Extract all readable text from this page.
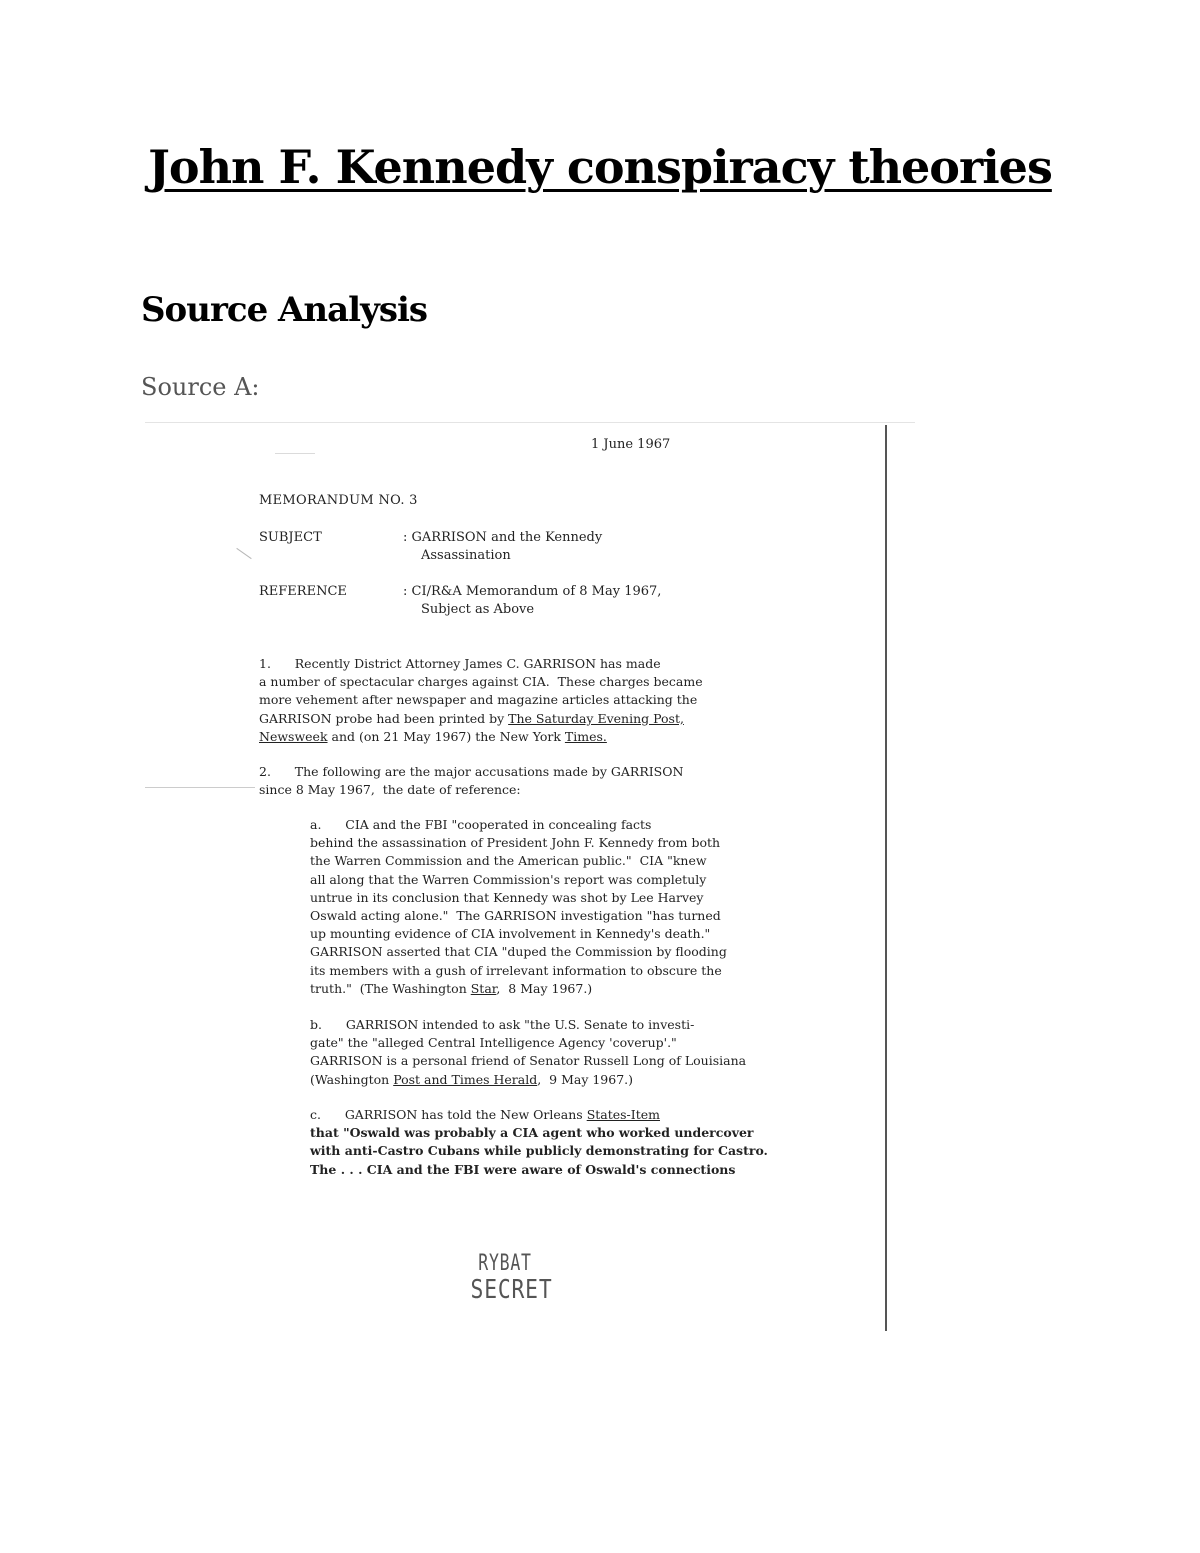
John F. Kennedy conspiracy theories
Source Analysis

Source A:

1 June 1967
MEMORANDUM NO. 3
SUBJECT	: GARRISON and the Kennedy
Assassination
REFERENCE	: CI/R&A Memorandum of 8 May 1967,
Subject as Above
1.      Recently District Attorney James C. GARRISON has made
a number of spectacular charges against CIA.  These charges became
more vehement after newspaper and magazine articles attacking the
GARRISON probe had been printed by The Saturday Evening Post,
Newsweek and (on 21 May 1967) the New York Times.
2.      The following are the major accusations made by GARRISON
since 8 May 1967,  the date of reference:
a.      CIA and the FBI "cooperated in concealing facts
behind the assassination of President John F. Kennedy from both
the Warren Commission and the American public."  CIA "knew
all along that the Warren Commission's report was completuly
untrue in its conclusion that Kennedy was shot by Lee Harvey
Oswald acting alone."  The GARRISON investigation "has turned
up mounting evidence of CIA involvement in Kennedy's death."
GARRISON asserted that CIA "duped the Commission by flooding
its members with a gush of irrelevant information to obscure the
truth."  (The Washington Star,  8 May 1967.)
b.      GARRISON intended to ask "the U.S. Senate to investi-
gate" the "alleged Central Intelligence Agency 'coverup'."
GARRISON is a personal friend of Senator Russell Long of Louisiana
(Washington Post and Times Herald,  9 May 1967.)
c.      GARRISON has told the New Orleans States-Item
that "Oswald was probably a CIA agent who worked undercover
with anti-Castro Cubans while publicly demonstrating for Castro.
The . . . CIA and the FBI were aware of Oswald's connections
RYBAT
SECRET
